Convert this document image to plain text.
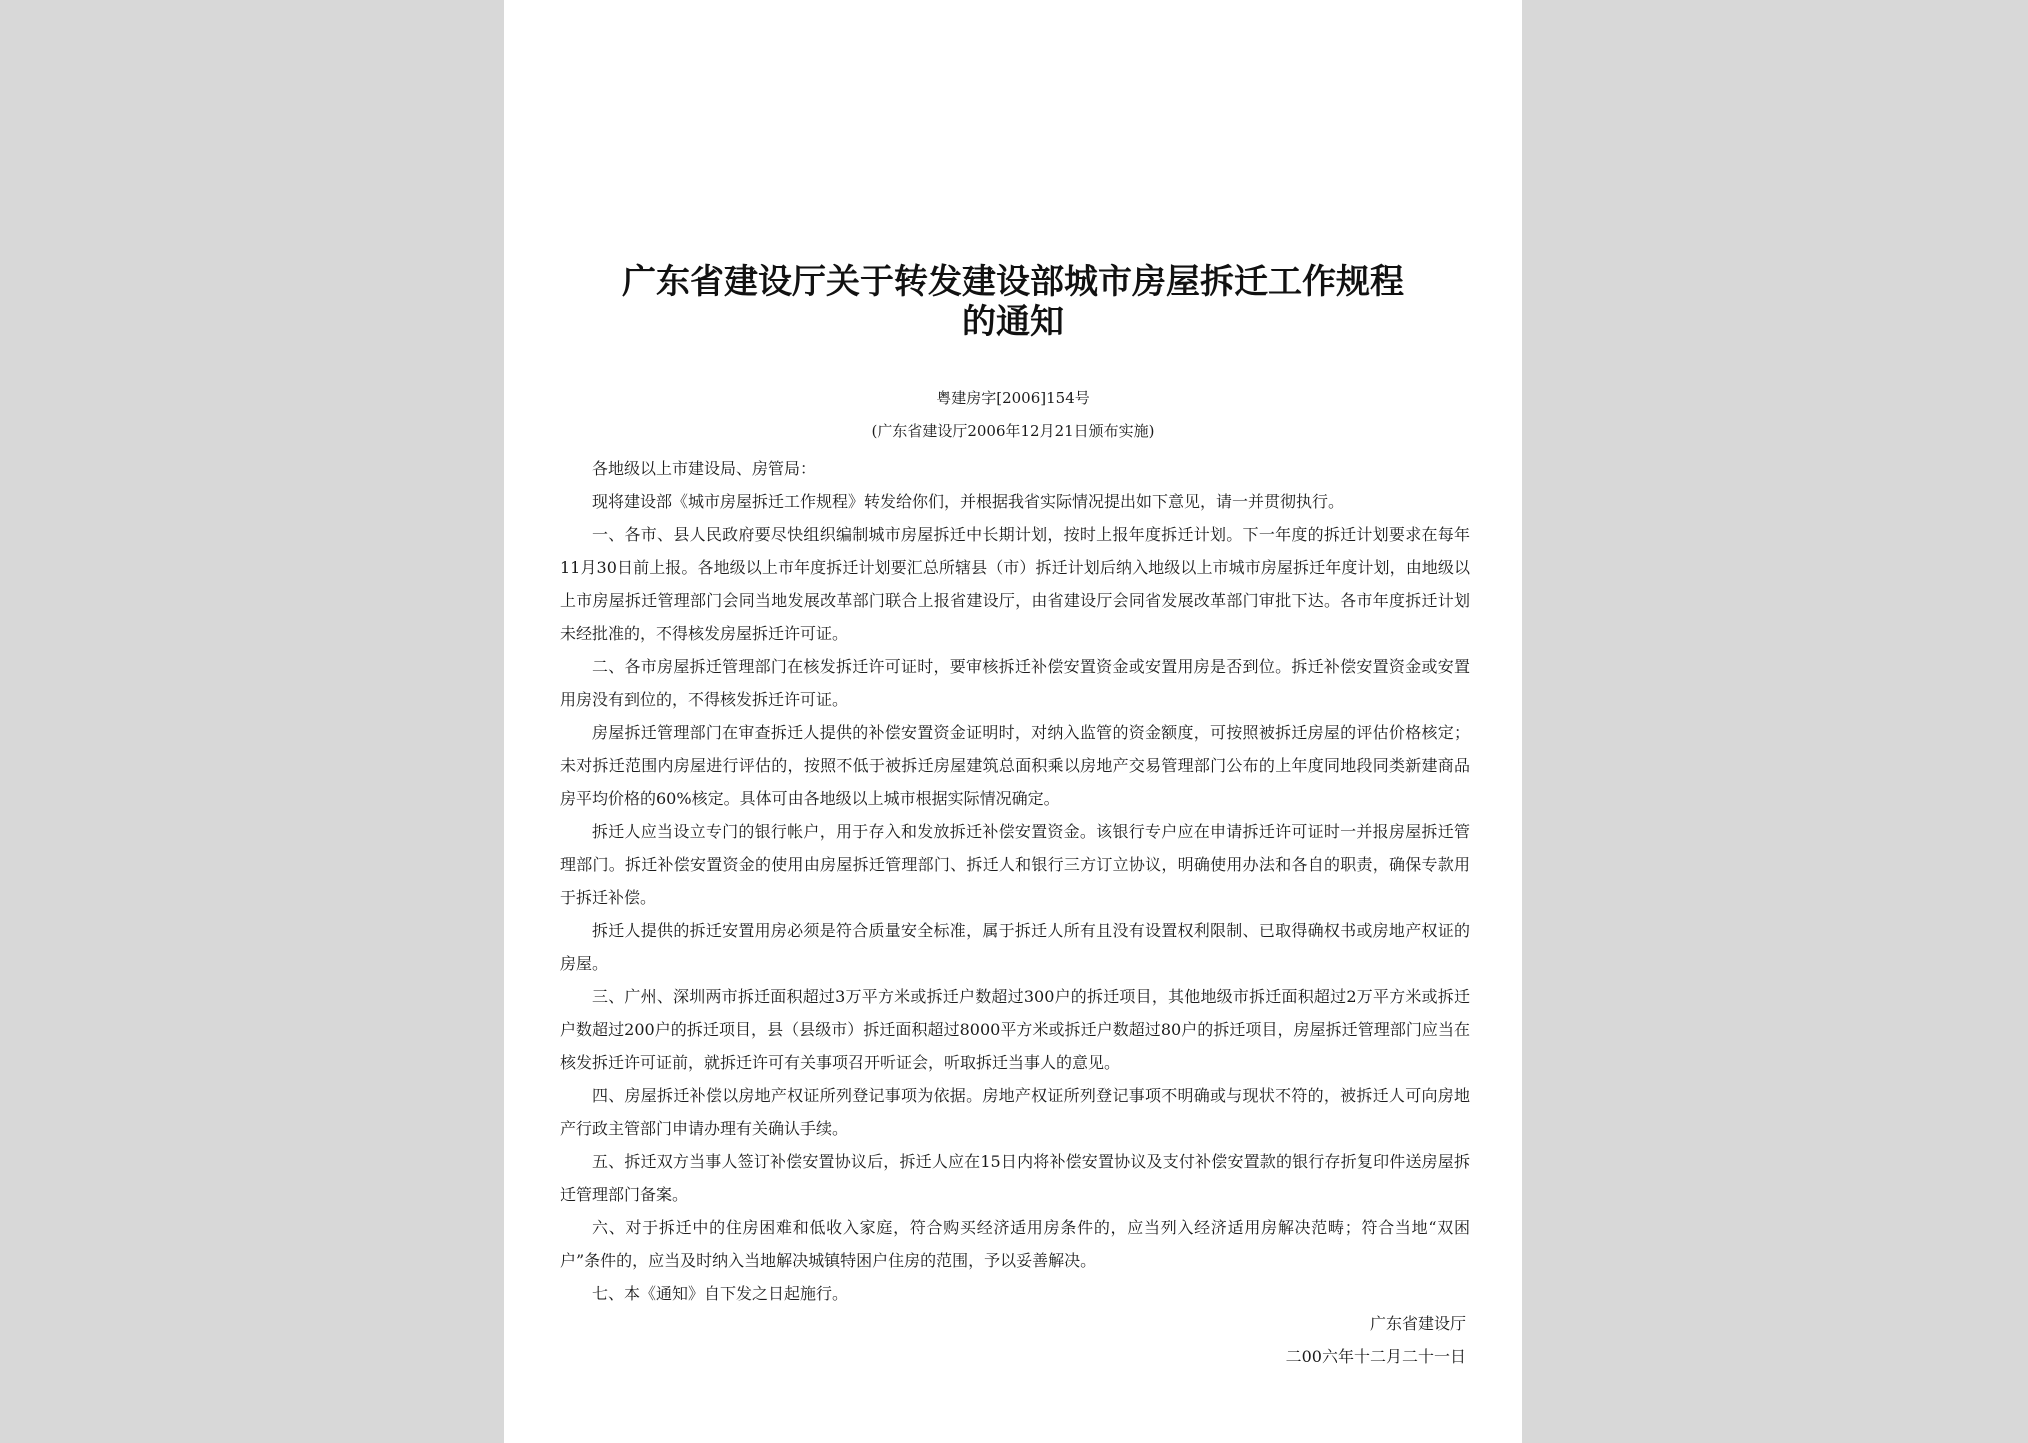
广东省建设厅关于转发建设部城市房屋拆迁工作规程
的通知
粤建房字[2006]154号
(广东省建设厅2006年12月21日颁布实施)

各地级以上市建设局、房管局：

现将建设部《城市房屋拆迁工作规程》转发给你们，并根据我省实际情况提出如下意见，请一并贯彻执行。

一、各市、县人民政府要尽快组织编制城市房屋拆迁中长期计划，按时上报年度拆迁计划。下一年度的拆迁计划要求在每年11月30日前上报。各地级以上市年度拆迁计划要汇总所辖县（市）拆迁计划后纳入地级以上市城市房屋拆迁年度计划，由地级以上市房屋拆迁管理部门会同当地发展改革部门联合上报省建设厅，由省建设厅会同省发展改革部门审批下达。各市年度拆迁计划未经批准的，不得核发房屋拆迁许可证。

二、各市房屋拆迁管理部门在核发拆迁许可证时，要审核拆迁补偿安置资金或安置用房是否到位。拆迁补偿安置资金或安置用房没有到位的，不得核发拆迁许可证。

房屋拆迁管理部门在审查拆迁人提供的补偿安置资金证明时，对纳入监管的资金额度，可按照被拆迁房屋的评估价格核定；未对拆迁范围内房屋进行评估的，按照不低于被拆迁房屋建筑总面积乘以房地产交易管理部门公布的上年度同地段同类新建商品房平均价格的60%核定。具体可由各地级以上城市根据实际情况确定。

拆迁人应当设立专门的银行帐户，用于存入和发放拆迁补偿安置资金。该银行专户应在申请拆迁许可证时一并报房屋拆迁管理部门。拆迁补偿安置资金的使用由房屋拆迁管理部门、拆迁人和银行三方订立协议，明确使用办法和各自的职责，确保专款用于拆迁补偿。

拆迁人提供的拆迁安置用房必须是符合质量安全标准，属于拆迁人所有且没有设置权利限制、已取得确权书或房地产权证的房屋。

三、广州、深圳两市拆迁面积超过3万平方米或拆迁户数超过300户的拆迁项目，其他地级市拆迁面积超过2万平方米或拆迁户数超过200户的拆迁项目，县（县级市）拆迁面积超过8000平方米或拆迁户数超过80户的拆迁项目，房屋拆迁管理部门应当在核发拆迁许可证前，就拆迁许可有关事项召开听证会，听取拆迁当事人的意见。

四、房屋拆迁补偿以房地产权证所列登记事项为依据。房地产权证所列登记事项不明确或与现状不符的，被拆迁人可向房地产行政主管部门申请办理有关确认手续。

五、拆迁双方当事人签订补偿安置协议后，拆迁人应在15日内将补偿安置协议及支付补偿安置款的银行存折复印件送房屋拆迁管理部门备案。

六、对于拆迁中的住房困难和低收入家庭，符合购买经济适用房条件的，应当列入经济适用房解决范畴；符合当地“双困户”条件的，应当及时纳入当地解决城镇特困户住房的范围，予以妥善解决。

七、本《通知》自下发之日起施行。

广东省建设厅
二00六年十二月二十一日
